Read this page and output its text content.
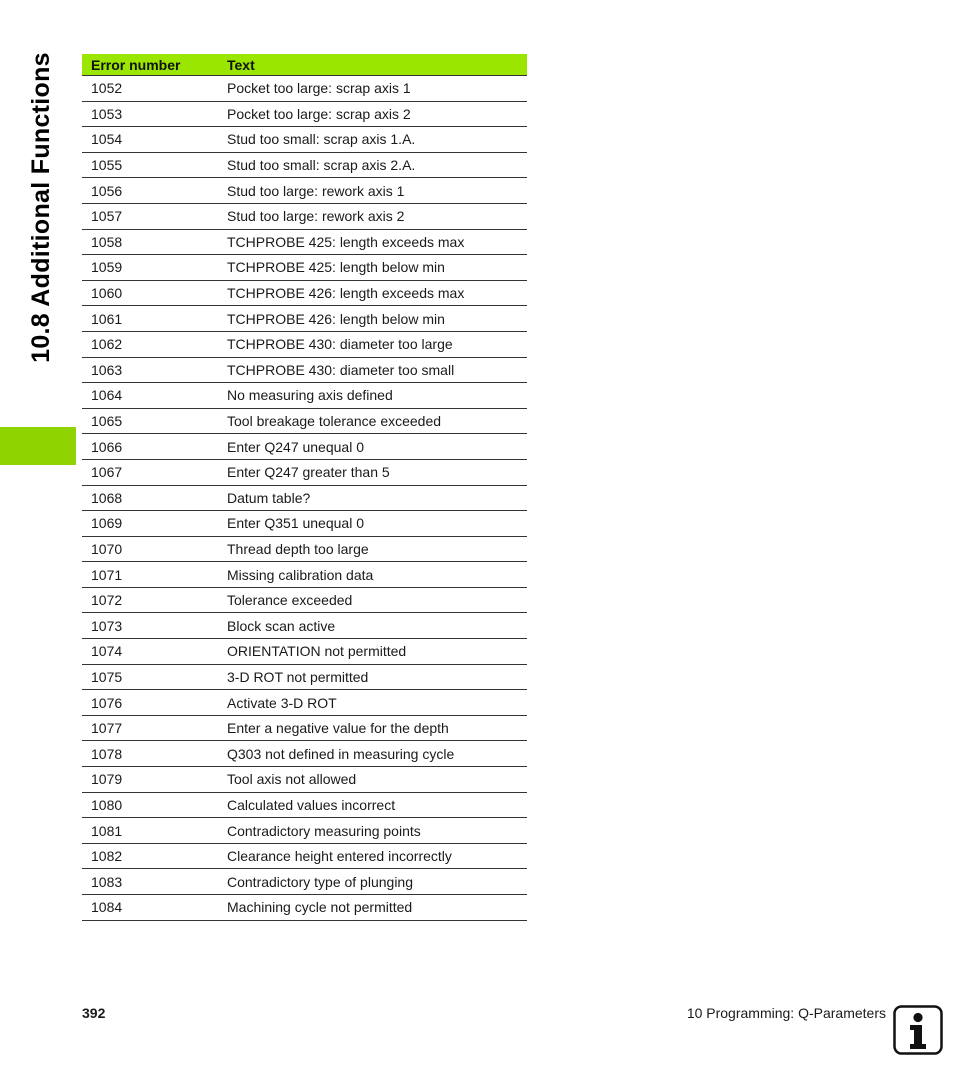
10.8 Additional Functions	Error number	Text
1052	Pocket too large: scrap axis 1
1053	Pocket too large: scrap axis 2
1054	Stud too small: scrap axis 1.A.
1055	Stud too small: scrap axis 2.A.
1056	Stud too large: rework axis 1
1057	Stud too large: rework axis 2
1058	TCHPROBE 425: length exceeds max
1059	TCHPROBE 425: length below min
1060	TCHPROBE 426: length exceeds max
1061	TCHPROBE 426: length below min
1062	TCHPROBE 430: diameter too large
1063	TCHPROBE 430: diameter too small
1064	No measuring axis defined
1065	Tool breakage tolerance exceeded
1066	Enter Q247 unequal 0
1067	Enter Q247 greater than 5
1068	Datum table?
1069	Enter Q351 unequal 0
1070	Thread depth too large
1071	Missing calibration data
1072	Tolerance exceeded
1073	Block scan active
1074	ORIENTATION not permitted
1075	3-D ROT not permitted
1076	Activate 3-D ROT
1077	Enter a negative value for the depth
1078	Q303 not defined in measuring cycle
1079	Tool axis not allowed
1080	Calculated values incorrect
1081	Contradictory measuring points
1082	Clearance height entered incorrectly
1083	Contradictory type of plunging
1084	Machining cycle not permitted
392	10 Programming: Q-Parameters
